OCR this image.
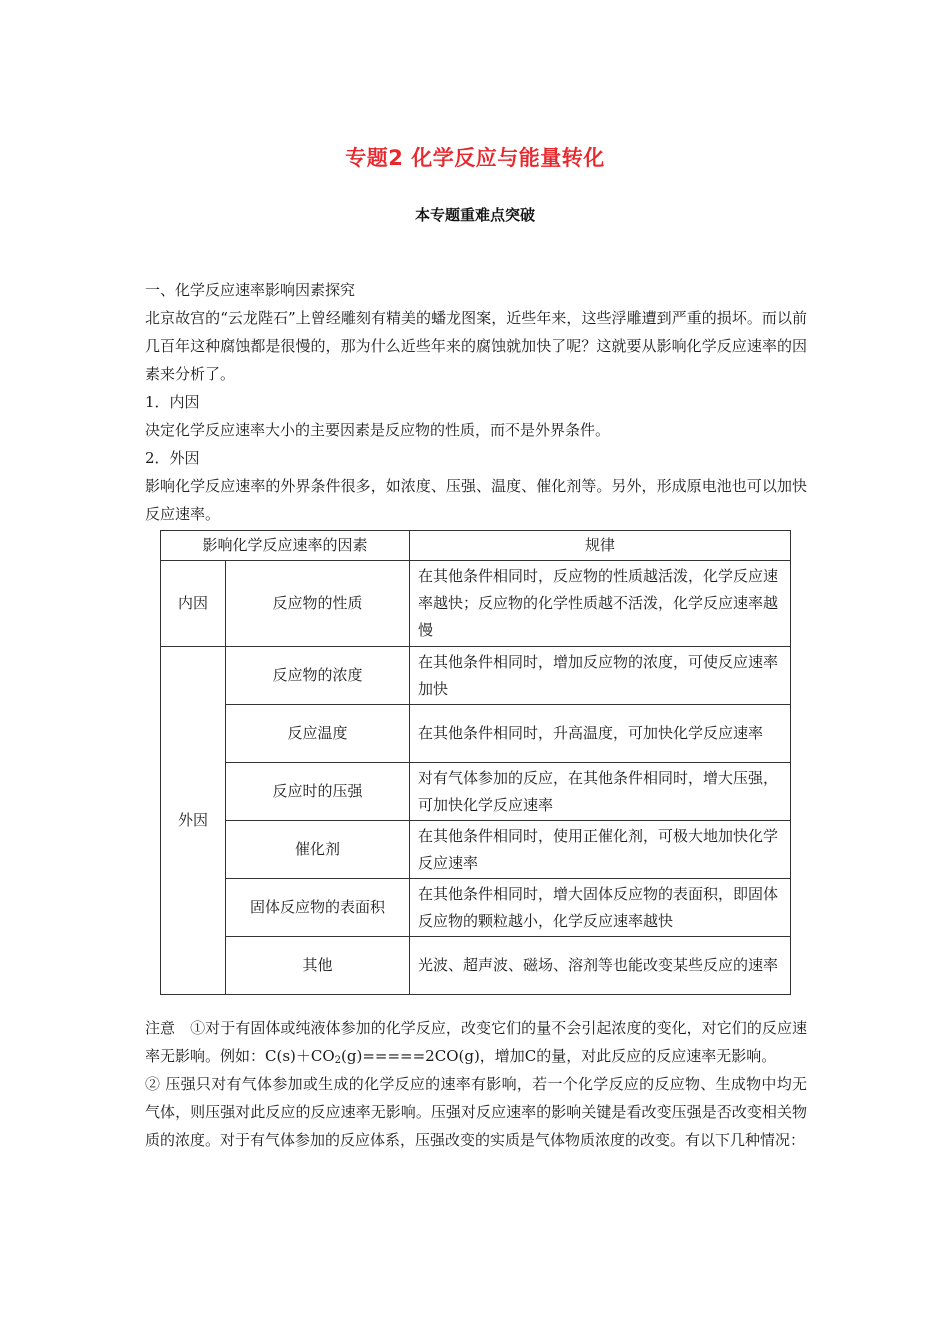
专题2 化学反应与能量转化
本专题重难点突破

一、化学反应速率影响因素探究

北京故宫的“云龙陛石”上曾经雕刻有精美的蟠龙图案，近些年来，这些浮雕遭到严重的损坏。而以前几百年这种腐蚀都是很慢的，那为什么近些年来的腐蚀就加快了呢？这就要从影响化学反应速率的因素来分析了。

1．内因

决定化学反应速率大小的主要因素是反应物的性质，而不是外界条件。

2．外因

影响化学反应速率的外界条件很多，如浓度、压强、温度、催化剂等。另外，形成原电池也可以加快反应速率。

影响化学反应速率的因素		规律
内因	反应物的性质	在其他条件相同时，反应物的性质越活泼，化学反应速率越快；反应物的化学性质越不活泼，化学反应速率越慢
外因	反应物的浓度	在其他条件相同时，增加反应物的浓度，可使反应速率加快
	反应温度	在其他条件相同时，升高温度，可加快化学反应速率
	反应时的压强	对有气体参加的反应，在其他条件相同时，增大压强，可加快化学反应速率
	催化剂	在其他条件相同时，使用正催化剂，可极大地加快化学反应速率
	固体反应物的表面积	在其他条件相同时，增大固体反应物的表面积，即固体反应物的颗粒越小，化学反应速率越快
	其他	光波、超声波、磁场、溶剂等也能改变某些反应的速率

注意　①对于有固体或纯液体参加的化学反应，改变它们的量不会引起浓度的变化，对它们的反应速率无影响。例如：$C(s)+CO_2(g)=====2CO(g)$，增加C的量，对此反应的反应速率无影响。

② 压强只对有气体参加或生成的化学反应的速率有影响，若一个化学反应的反应物、生成物中均无气体，则压强对此反应的反应速率无影响。压强对反应速率的影响关键是看改变压强是否改变相关物质的浓度。对于有气体参加的反应体系，压强改变的实质是气体物质浓度的改变。有以下几种情况：
